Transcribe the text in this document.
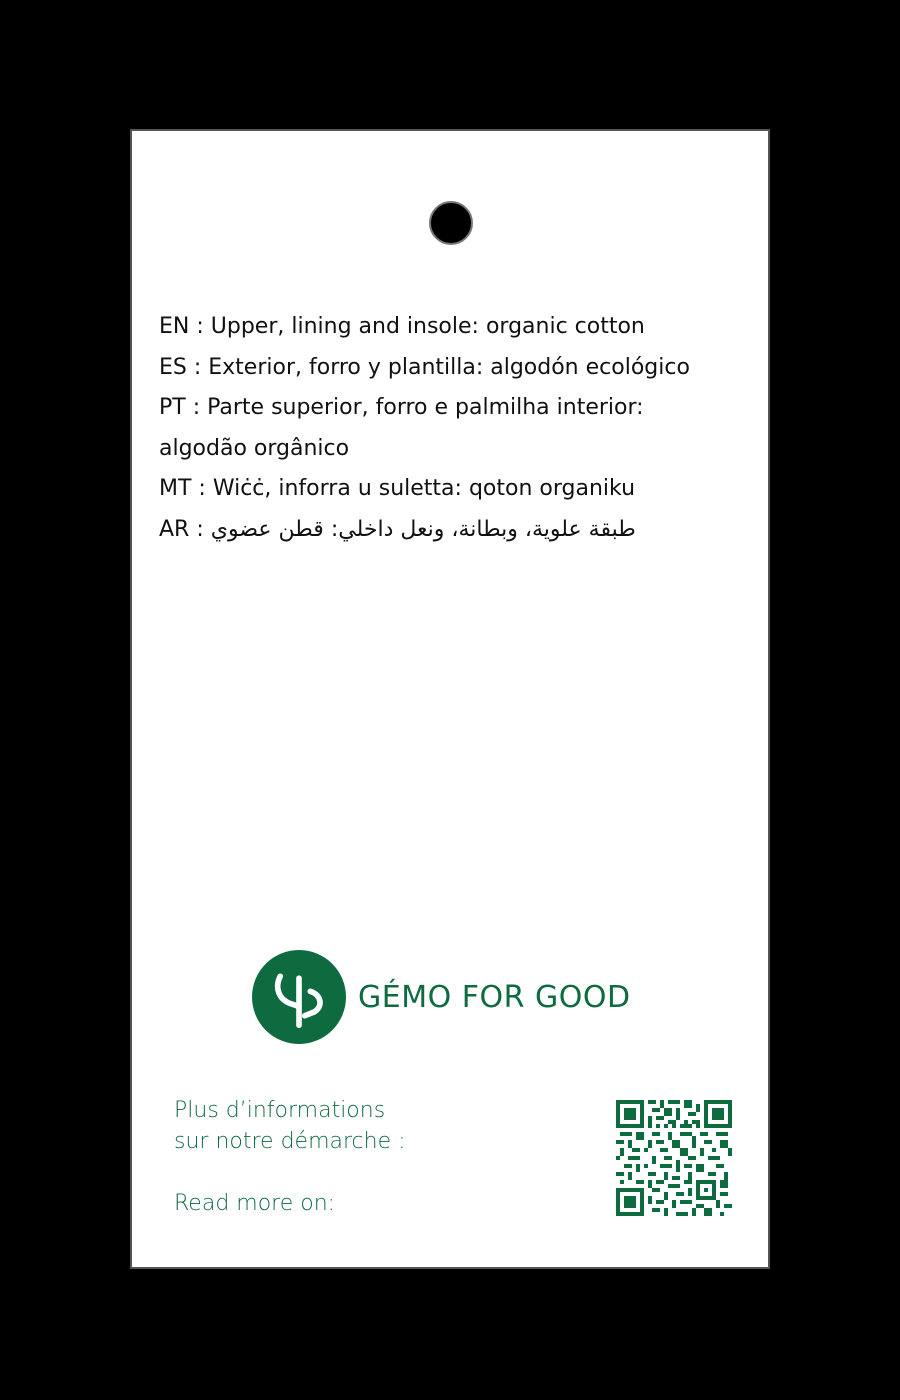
EN : Upper, lining and insole: organic cotton
ES : Exterior, forro y plantilla: algodón ecológico
PT : Parte superior, forro e palmilha interior:
algodão orgânico
MT : Wiċċ, inforra u suletta: qoton organiku
AR : طبقة علوية، وبطانة، ونعل داخلي: قطن عضوي
GÉMO FOR GOOD
Plus d’informations
sur notre démarche :
Read more on:
